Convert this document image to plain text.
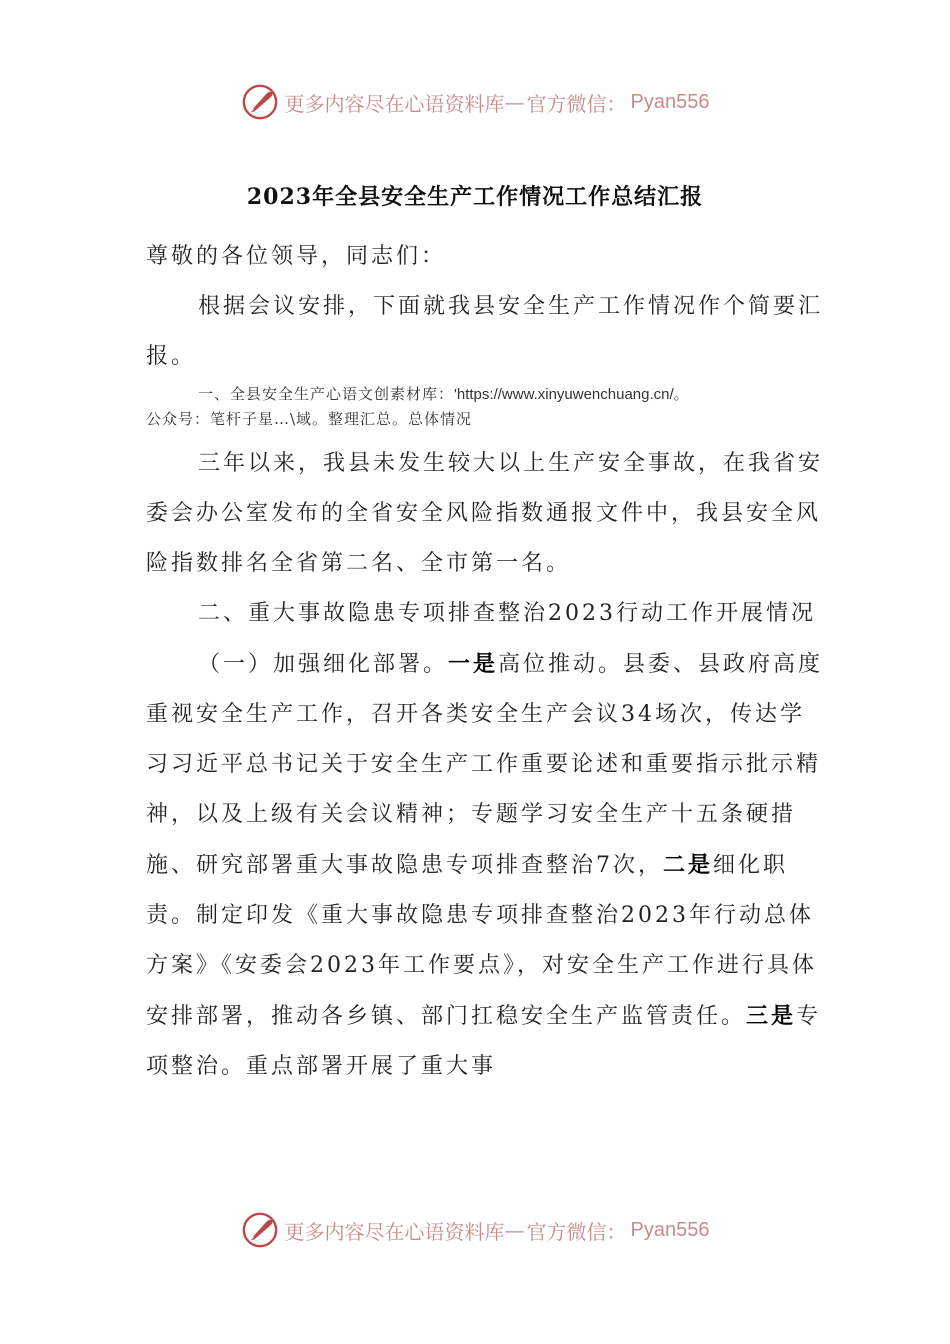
更多内容尽在心语资料库 — 官方微信： Pyan556
2023年全县安全生产工作情况工作总结汇报

尊敬的各位领导，同志们：

根据会议安排，下面就我县安全生产工作情况作个简要汇报。

一、全县安全生产心语文创素材库：'https://www.xinyuwenchuang.cn/。
公众号：笔杆子星…\域。整理汇总。总体情况

三年以来，我县未发生较大以上生产安全事故，在我省安委会办公室发布的全省安全风险指数通报文件中，我县安全风险指数排名全省第二名、全市第一名。

二、重大事故隐患专项排查整治2023行动工作开展情况

（一）加强细化部署。一是高位推动。县委、县政府高度重视安全生产工作，召开各类安全生产会议34场次，传达学习习近平总书记关于安全生产工作重要论述和重要指示批示精神，以及上级有关会议精神；专题学习安全生产十五条硬措施、研究部署重大事故隐患专项排查整治7次，二是细化职责。制定印发《重大事故隐患专项排查整治2023年行动总体方案》《安委会2023年工作要点》，对安全生产工作进行具体安排部署，推动各乡镇、部门扛稳安全生产监管责任。三是专项整治。重点部署开展了重大事

更多内容尽在心语资料库 — 官方微信： Pyan556
